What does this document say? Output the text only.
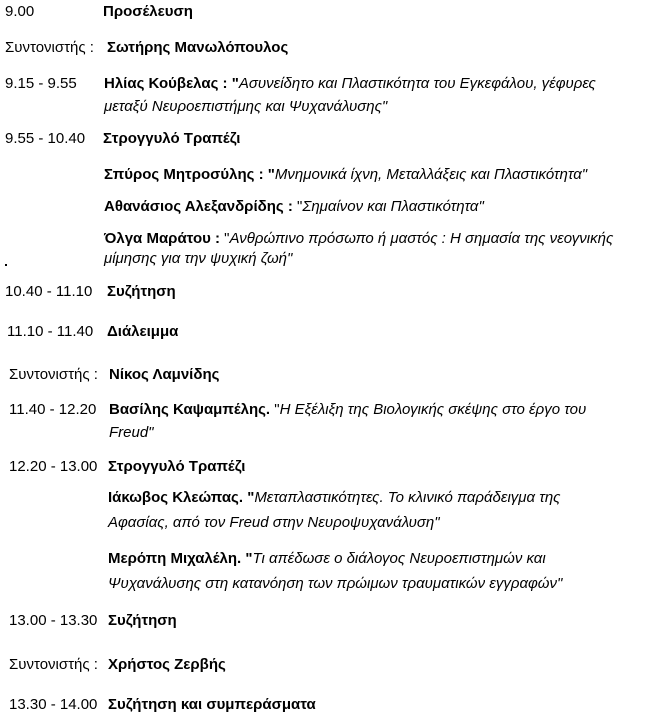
9.00	Προσέλευση
Συντονιστής : Σωτήρης Μανωλόπουλος
9.15 - 9.55 Ηλίας Κούβελας : "Ασυνείδητο και Πλαστικότητα του Εγκεφάλου, γέφυρες
μεταξύ Νευροεπιστήμης και Ψυχανάλυσης"
9.55 - 10.40 Στρογγυλό Τραπέζι
Σπύρος Μητροσύλης : "Μνημονικά ίχνη, Μεταλλάξεις και Πλαστικότητα"
Αθανάσιος Αλεξανδρίδης : "Σημαίνον και Πλαστικότητα"
Όλγα Μαράτου : "Ανθρώπινο πρόσωπο ή μαστός : Η σημασία της νεογνικής
μίμησης για την ψυχική ζωή"
10.40 - 11.10 Συζήτηση
11.10 - 11.40 Διάλειμμα
Συντονιστής : Νίκος Λαμνίδης
11.40 - 12.20 Βασίλης Καψαμπέλης. "Η Εξέλιξη της Βιολογικής σκέψης στο έργο του
Freud"
12.20 - 13.00 Στρογγυλό Τραπέζι
Ιάκωβος Κλεώπας. "Μεταπλαστικότητες. Το κλινικό παράδειγμα της
Αφασίας, από τον Freud στην Νευροψυχανάλυση"
Μερόπη Μιχαλέλη. "Τι απέδωσε ο διάλογος Νευροεπιστημών και
Ψυχανάλυσης στη κατανόηση των πρώιμων τραυματικών εγγραφών"
13.00 - 13.30 Συζήτηση
Συντονιστής : Χρήστος Ζερβής
13.30 - 14.00 Συζήτηση και συμπεράσματα
